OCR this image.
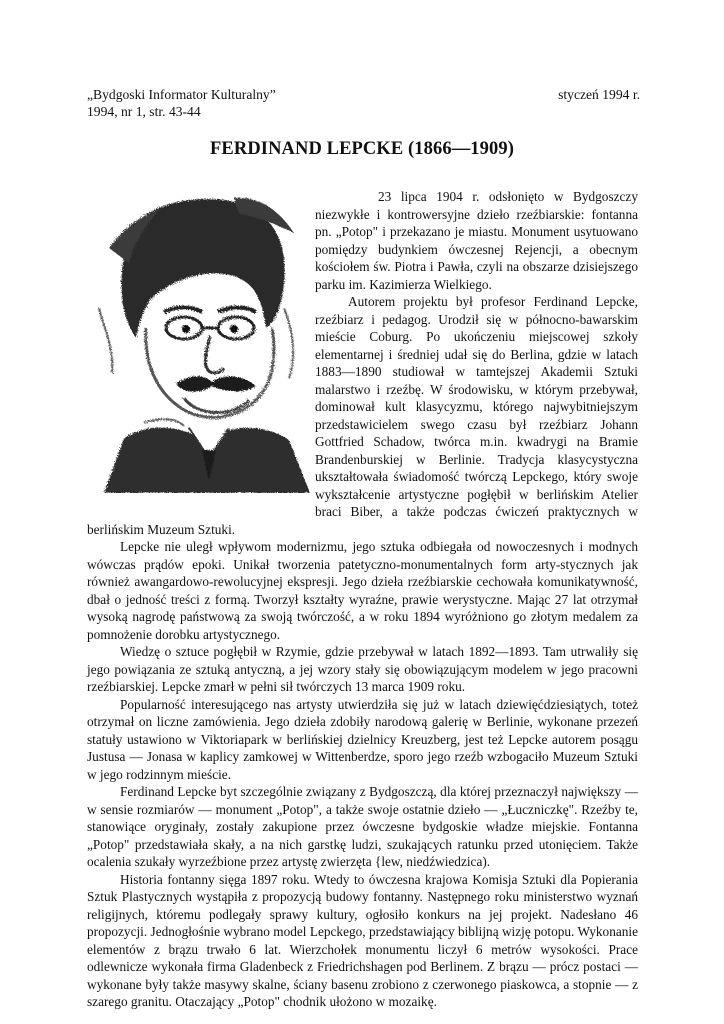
„Bydgoski Informator Kulturalny”
1994, nr 1, str. 43-44
styczeń 1994 r.
FERDINAND LEPCKE (1866—1909)

23 lipca 1904 r. odsłonięto w Bydgoszczy niezwykłe i kontrowersyjne dzieło rzeźbiarskie: fontanna pn. „Potop" i przekazano je miastu. Monument usytuowano pomiędzy budynkiem ówczesnej Rejencji, a obecnym kościołem św. Piotra i Pawła, czyli na obszarze dzisiejszego parku im. Kazimierza Wielkiego.

Autorem projektu był profesor Ferdinand Lepcke, rzeźbiarz i pedagog. Urodził się w północno-bawarskim mieście Coburg. Po ukończeniu miejscowej szkoły elementarnej i średniej udał się do Berlina, gdzie w latach 1883—1890 studiował w tamtejszej Akademii Sztuki malarstwo i rzeźbę. W środowisku, w którym przebywał, dominował kult klasycyzmu, którego najwybitniejszym przedstawicielem swego czasu był rzeźbiarz Johann Gottfried Schadow, twórca m.in. kwadrygi na Bramie Brandenburskiej w Berlinie. Tradycja klasycystyczna ukształtowała świadomość twórczą Lepckego, który swoje wykształcenie artystyczne pogłębił w berlińskim Atelier braci Biber, a także podczas ćwiczeń praktycznych w berlińskim Muzeum Sztuki.

Lepcke nie uległ wpływom modernizmu, jego sztuka odbiegała od nowoczesnych i modnych wówczas prądów epoki. Unikał tworzenia patetyczno-monumentalnych form arty-stycznych jak również awangardowo-rewolucyjnej ekspresji. Jego dzieła rzeźbiarskie cechowała komunikatywność, dbał o jedność treści z formą. Tworzył kształty wyraźne, prawie werystyczne. Mając 27 lat otrzymał wysoką nagrodę państwową za swoją twórczość, a w roku 1894 wyróżniono go złotym medalem za pomnożenie dorobku artystycznego.

Wiedzę o sztuce pogłębił w Rzymie, gdzie przebywał w latach 1892—1893. Tam utrwaliły się jego powiązania ze sztuką antyczną, a jej wzory stały się obowiązującym modelem w jego pracowni rzeźbiarskiej. Lepcke zmarł w pełni sił twórczych 13 marca 1909 roku.

Popularność interesującego nas artysty utwierdziła się już w latach dziewięćdziesiątych, toteż otrzymał on liczne zamówienia. Jego dzieła zdobiły narodową galerię w Berlinie, wykonane przezeń statuły ustawiono w Viktoriapark w berlińskiej dzielnicy Kreuzberg, jest też Lepcke autorem posągu Justusa — Jonasa w kaplicy zamkowej w Wittenberdze, sporo jego rzeźb wzbogaciło Muzeum Sztuki w jego rodzinnym mieście.

Ferdinand Lepcke byt szczególnie związany z Bydgoszczą, dla której przeznaczył największy — w sensie rozmiarów — monument „Potop", a także swoje ostatnie dzieło — „Łuczniczkę". Rzeźby te, stanowiące oryginały, zostały zakupione przez ówczesne bydgoskie władze miejskie. Fontanna „Potop" przedstawiała skały, a na nich garstkę ludzi, szukających ratunku przed utonięciem. Także ocalenia szukały wyrzeźbione przez artystę zwierzęta {lew, niedźwiedzica).

Historia fontanny sięga 1897 roku. Wtedy to ówczesna krajowa Komisja Sztuki dla Popierania Sztuk Plastycznych wystąpiła z propozycją budowy fontanny. Następnego roku ministerstwo wyznań religijnych, któremu podlegały sprawy kultury, ogłosiło konkurs na jej projekt. Nadesłano 46 propozycji. Jednogłośnie wybrano model Lepckego, przedstawiający biblijną wizję potopu. Wykonanie elementów z brązu trwało 6 lat. Wierzchołek monumentu liczył 6 metrów wysokości. Prace odlewnicze wykonała firma Gladenbeck z Friedrichshagen pod Berlinem. Z brązu — prócz postaci — wykonane były także masywy skalne, ściany basenu zrobiono z czerwonego piaskowca, a stopnie — z szarego granitu. Otaczający „Potop" chodnik ułożono w mozaikę.
